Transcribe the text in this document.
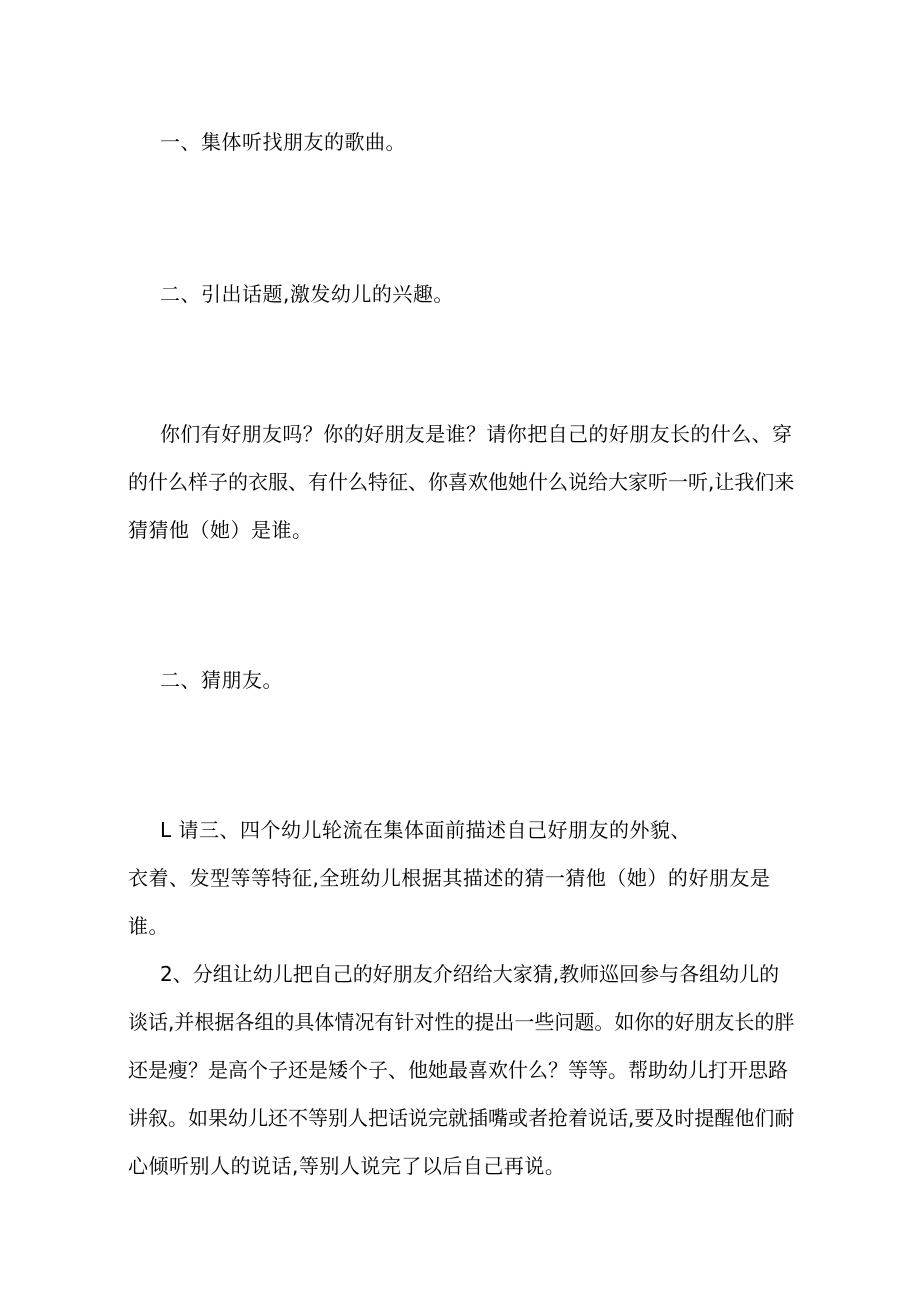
一、集体听找朋友的歌曲。

二、引出话题,激发幼儿的兴趣。

你们有好朋友吗？你的好朋友是谁？请你把自己的好朋友长的什么、穿

的什么样子的衣服、有什么特征、你喜欢他她什么说给大家听一听,让我们来

猜猜他（她）是谁。

二、猜朋友。

L 请三、四个幼儿轮流在集体面前描述自己好朋友的外貌、

衣着、发型等等特征,全班幼儿根据其描述的猜一猜他（她）的好朋友是

谁。

2、分组让幼儿把自己的好朋友介绍给大家猜,教师巡回参与各组幼儿的

谈话,并根据各组的具体情况有针对性的提出一些问题。如你的好朋友长的胖

还是瘦？是高个子还是矮个子、他她最喜欢什么？等等。帮助幼儿打开思路

讲叙。如果幼儿还不等别人把话说完就插嘴或者抢着说话,要及时提醒他们耐

心倾听别人的说话,等别人说完了以后自己再说。
